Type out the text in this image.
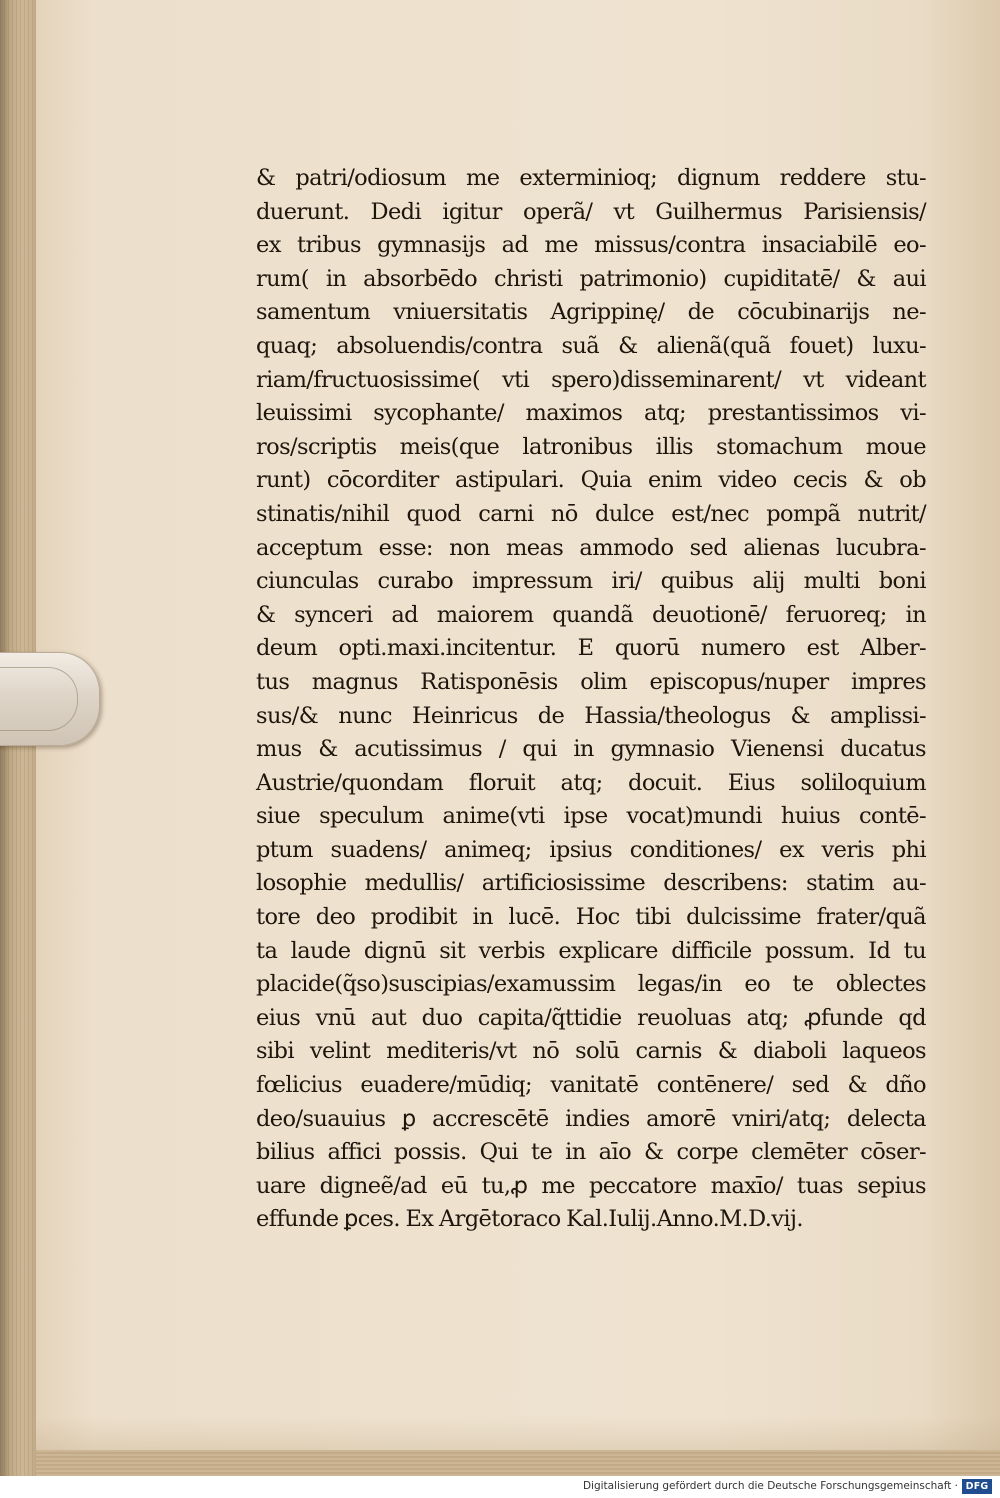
& patri/odiosum me exterminioq; dignum reddere stu-
duerunt. Dedi igitur operã/ vt Guilhermus Parisiensis/
ex tribus gymnasijs ad me missus/contra insaciabilē eo-
rum( in absorbēdo christi patrimonio) cupiditatē/ & aui
samentum vniuersitatis Agrippinę/ de cōcubinarijs ne-
quaq; absoluendis/contra suã & alienã(quã fouet) luxu-
riam/fructuosissime( vti spero)disseminarent/ vt videant
leuissimi sycophante/ maximos atq; prestantissimos vi-
ros/scriptis meis(que latronibus illis stomachum moue
runt) cōcorditer astipulari. Quia enim video cecis & ob
stinatis/nihil quod carni nō dulce est/nec pompã nutrit/
acceptum esse: non meas ammodo sed alienas lucubra-
ciunculas curabo impressum iri/ quibus alij multi boni
& synceri ad maiorem quandã deuotionē/ feruoreq; in
deum opti.maxi.incitentur. E quorū numero est Alber-
tus magnus Ratisponēsis olim episcopus/nuper impres
sus/& nunc Heinricus de Hassia/theologus & amplissi-
mus & acutissimus / qui in gymnasio Vienensi ducatus
Austrie/quondam floruit atq; docuit. Eius soliloquium
siue speculum anime(vti ipse vocat)mundi huius contē-
ptum suadens/ animeq; ipsius conditiones/ ex veris phi
losophie medullis/ artificiosissime describens: statim au-
tore deo prodibit in lucē. Hoc tibi dulcissime frater/quã
ta laude dignū sit verbis explicare difficile possum. Id tu
placide(q̃so)suscipias/examussim legas/in eo te oblectes
eius vnū aut duo capita/q̃ttidie reuoluas atq; ꝓfunde qd
sibi velint mediteris/vt nō solū carnis & diaboli laqueos
fœlicius euadere/mūdiq; vanitatē contēnere/ sed & dño
deo/suauius ꝑ accrescētē indies amorē vniri/atq; delecta
bilius affici possis. Qui te in aīo & corpe clemēter cōser-
uare digneẽ/ad eū tu,ꝓ me peccatore maxīo/ tuas sepius
effunde ꝑces. Ex Argētoraco Kal.Iulij.Anno.M.D.vij.
Digitalisierung gefördert durch die Deutsche Forschungsgemeinschaft · DFG
